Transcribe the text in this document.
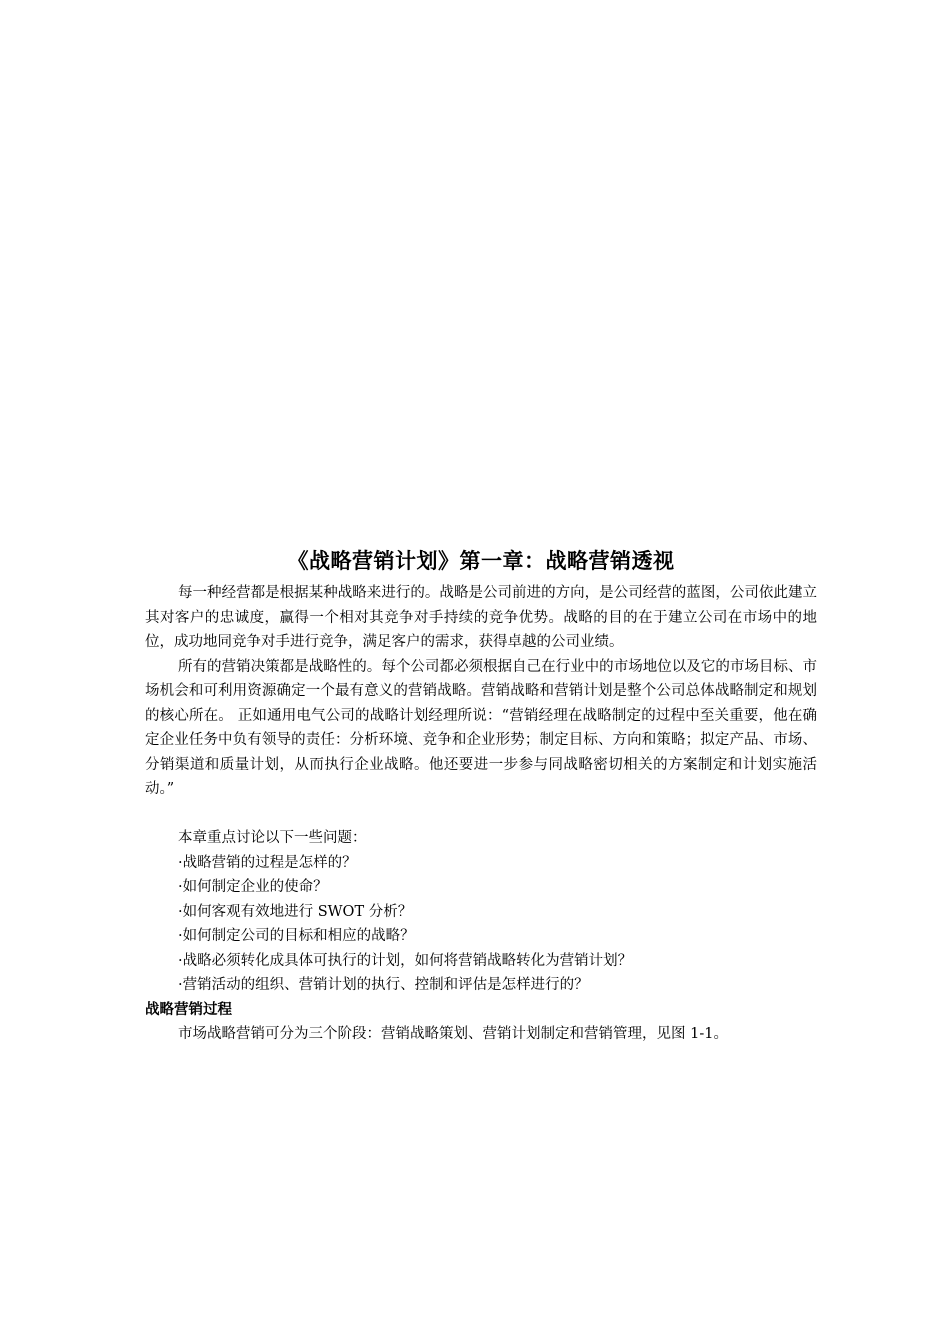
《战略营销计划》第一章：战略营销透视

每一种经营都是根据某种战略来进行的。战略是公司前进的方向，是公司经营的蓝图，公司依此建立其对客户的忠诚度，赢得一个相对其竞争对手持续的竞争优势。战略的目的在于建立公司在市场中的地位，成功地同竞争对手进行竞争，满足客户的需求，获得卓越的公司业绩。

所有的营销决策都是战略性的。每个公司都必须根据自己在行业中的市场地位以及它的市场目标、市场机会和可利用资源确定一个最有意义的营销战略。营销战略和营销计划是整个公司总体战略制定和规划的核心所在。 正如通用电气公司的战略计划经理所说：“营销经理在战略制定的过程中至关重要，他在确定企业任务中负有领导的责任：分析环境、竞争和企业形势；制定目标、方向和策略；拟定产品、市场、分销渠道和质量计划，从而执行企业战略。他还要进一步参与同战略密切相关的方案制定和计划实施活动。”

本章重点讨论以下一些问题：

·战略营销的过程是怎样的？

·如何制定企业的使命？

·如何客观有效地进行 SWOT 分析？

·如何制定公司的目标和相应的战略？

·战略必须转化成具体可执行的计划，如何将营销战略转化为营销计划？

·营销活动的组织、营销计划的执行、控制和评估是怎样进行的？

战略营销过程

市场战略营销可分为三个阶段：营销战略策划、营销计划制定和营销管理，见图 1-1。
